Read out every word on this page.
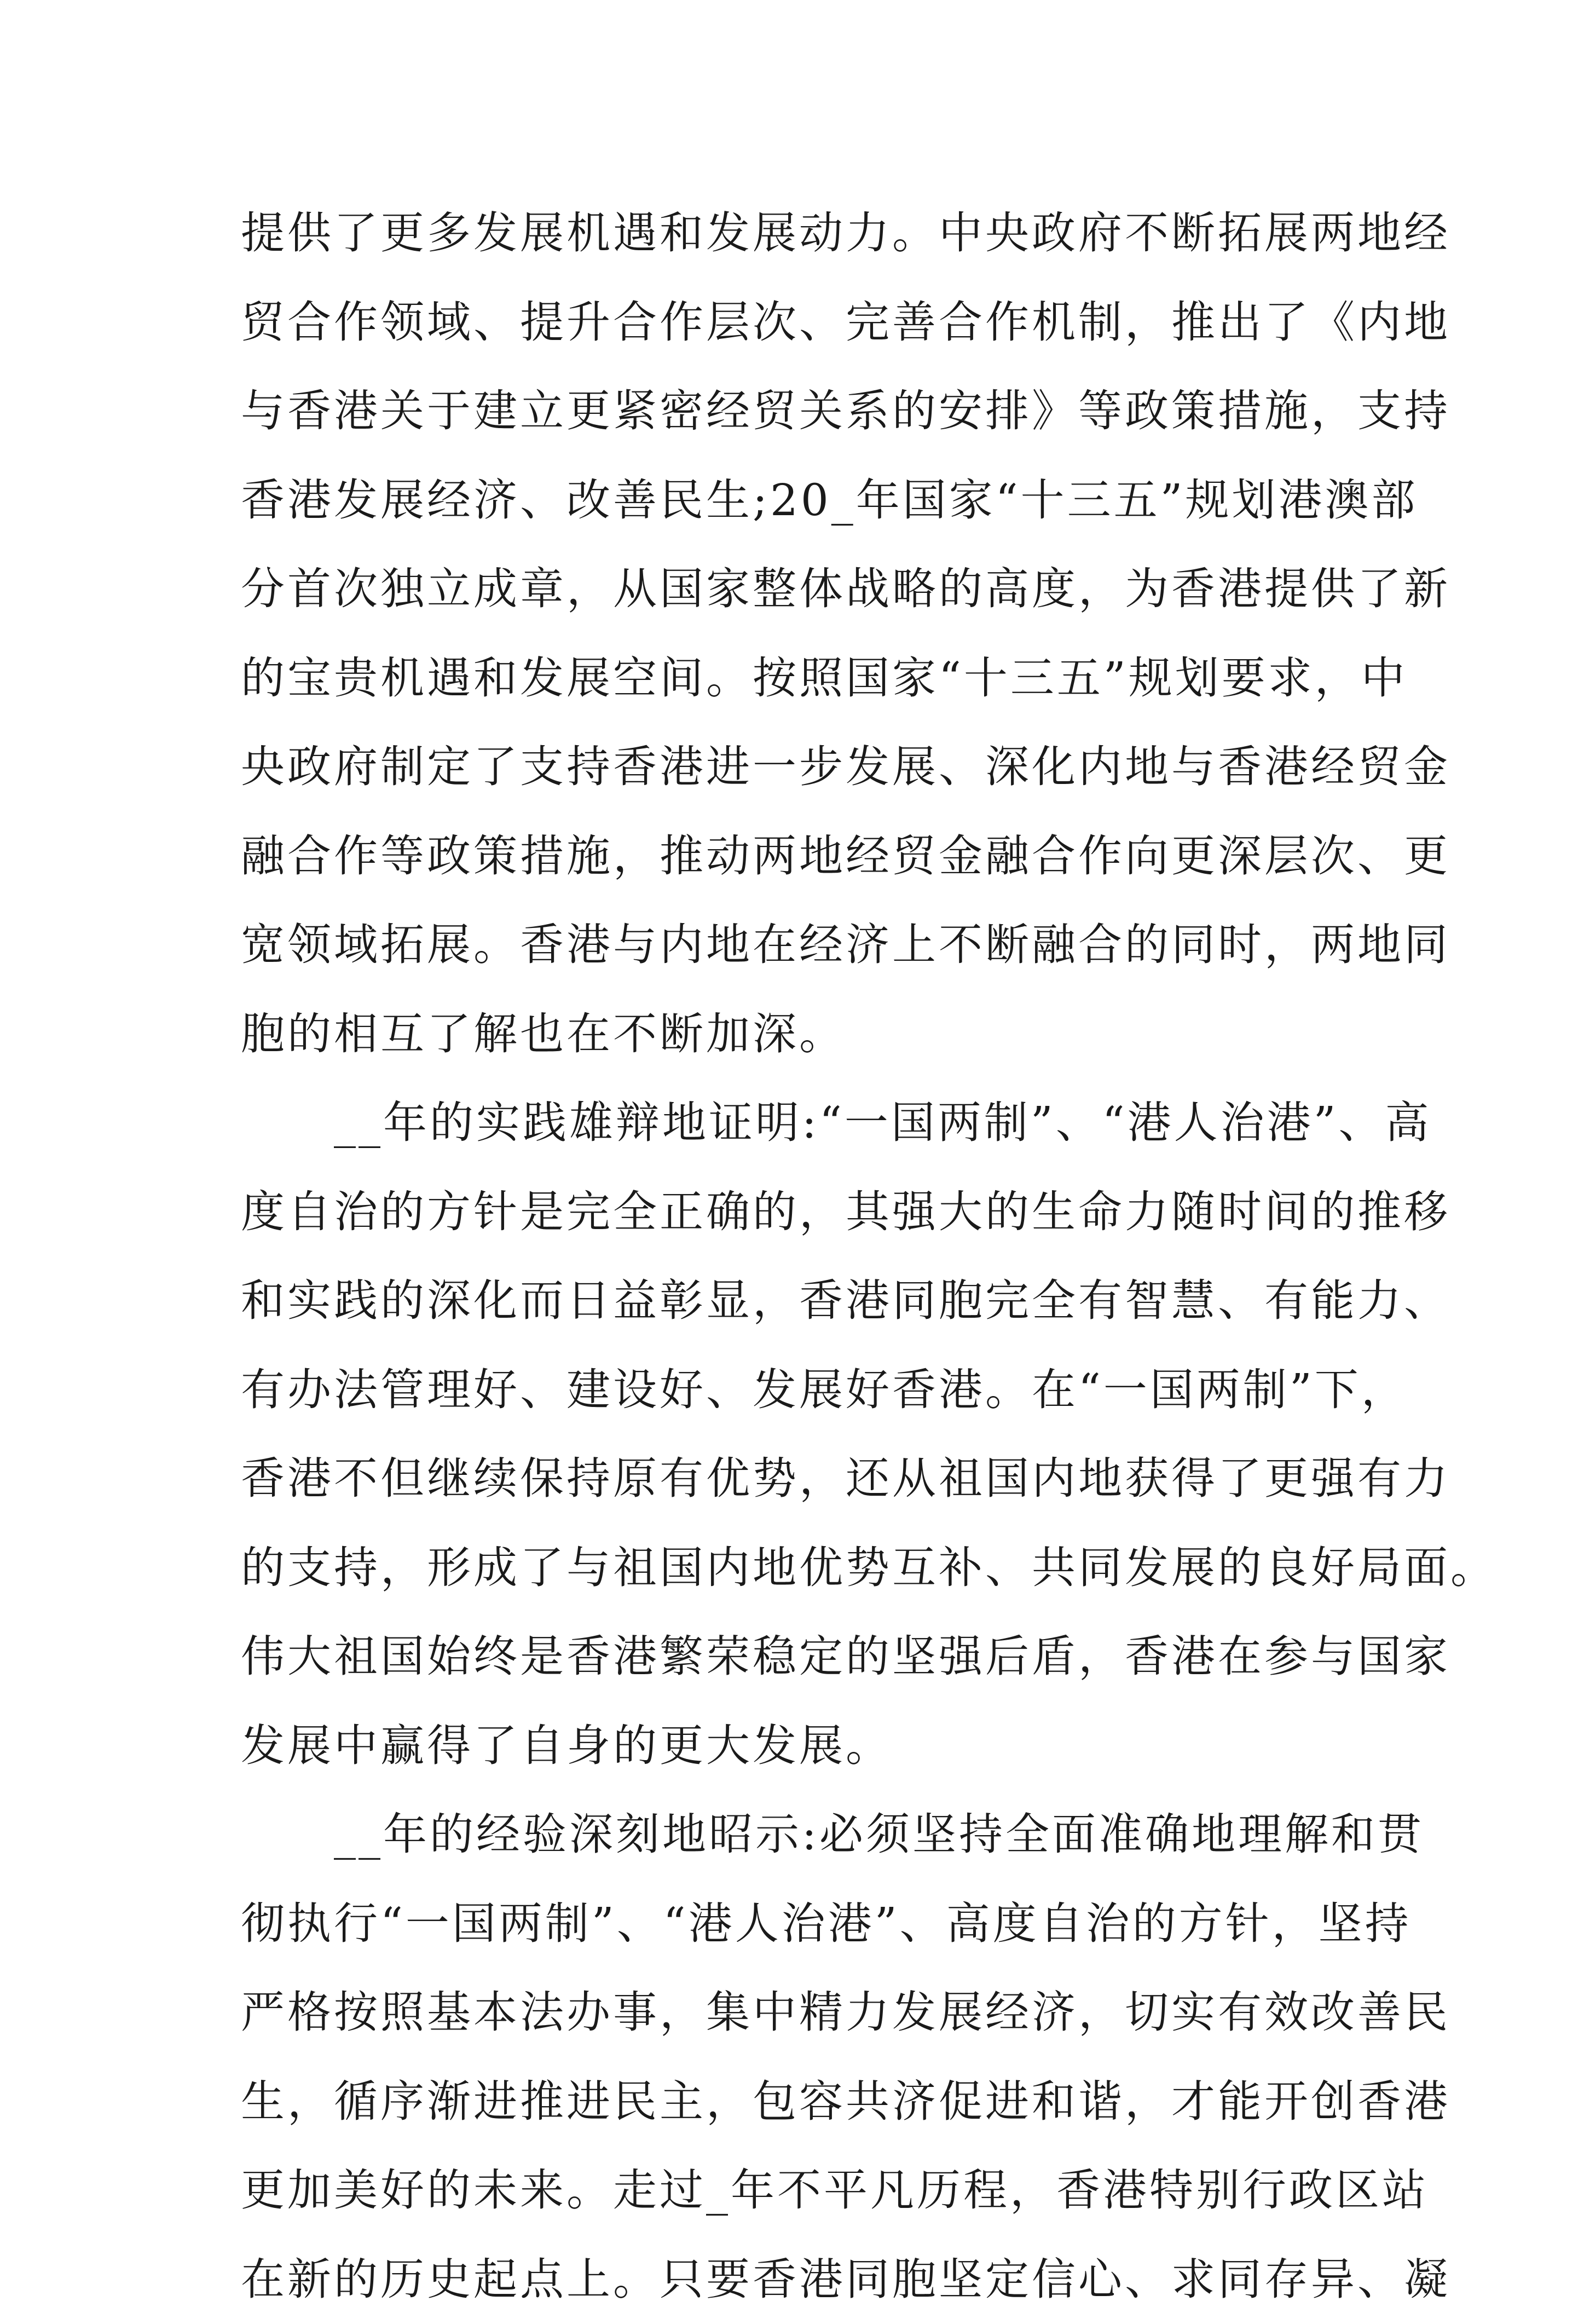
提供了更多发展机遇和发展动力。中央政府不断拓展两地经
贸合作领域、提升合作层次、完善合作机制，推出了《内地
与香港关于建立更紧密经贸关系的安排》等政策措施，支持
香港发展经济、改善民生;20_年国家“十三五”规划港澳部
分首次独立成章，从国家整体战略的高度，为香港提供了新
的宝贵机遇和发展空间。按照国家“十三五”规划要求，中
央政府制定了支持香港进一步发展、深化内地与香港经贸金
融合作等政策措施，推动两地经贸金融合作向更深层次、更
宽领域拓展。香港与内地在经济上不断融合的同时，两地同
胞的相互了解也在不断加深。
　　__年的实践雄辩地证明:“一国两制”、“港人治港”、高
度自治的方针是完全正确的，其强大的生命力随时间的推移
和实践的深化而日益彰显，香港同胞完全有智慧、有能力、
有办法管理好、建设好、发展好香港。在“一国两制”下，
香港不但继续保持原有优势，还从祖国内地获得了更强有力
的支持，形成了与祖国内地优势互补、共同发展的良好局面。
伟大祖国始终是香港繁荣稳定的坚强后盾，香港在参与国家
发展中赢得了自身的更大发展。
　　__年的经验深刻地昭示:必须坚持全面准确地理解和贯
彻执行“一国两制”、“港人治港”、高度自治的方针，坚持
严格按照基本法办事，集中精力发展经济，切实有效改善民
生，循序渐进推进民主，包容共济促进和谐，才能开创香港
更加美好的未来。走过_年不平凡历程，香港特别行政区站
在新的历史起点上。只要香港同胞坚定信心、求同存异、凝
